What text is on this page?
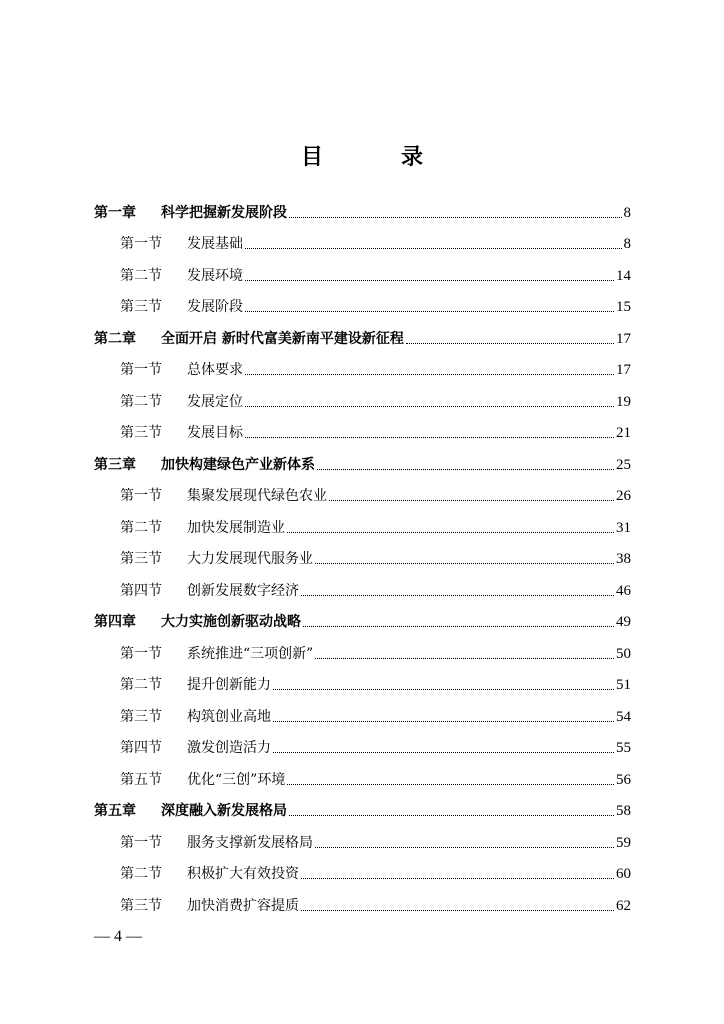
目　录
第一章	科学把握新发展阶段	8
第一节	发展基础	8
第二节	发展环境	14
第三节	发展阶段	15
第二章	全面开启 新时代富美新南平建设新征程	17
第一节	总体要求	17
第二节	发展定位	19
第三节	发展目标	21
第三章	加快构建绿色产业新体系	25
第一节	集聚发展现代绿色农业	26
第二节	加快发展制造业	31
第三节	大力发展现代服务业	38
第四节	创新发展数字经济	46
第四章	大力实施创新驱动战略	49
第一节	系统推进“三项创新”	50
第二节	提升创新能力	51
第三节	构筑创业高地	54
第四节	激发创造活力	55
第五节	优化“三创”环境	56
第五章	深度融入新发展格局	58
第一节	服务支撑新发展格局	59
第二节	积极扩大有效投资	60
第三节	加快消费扩容提质	62
— 4 —
